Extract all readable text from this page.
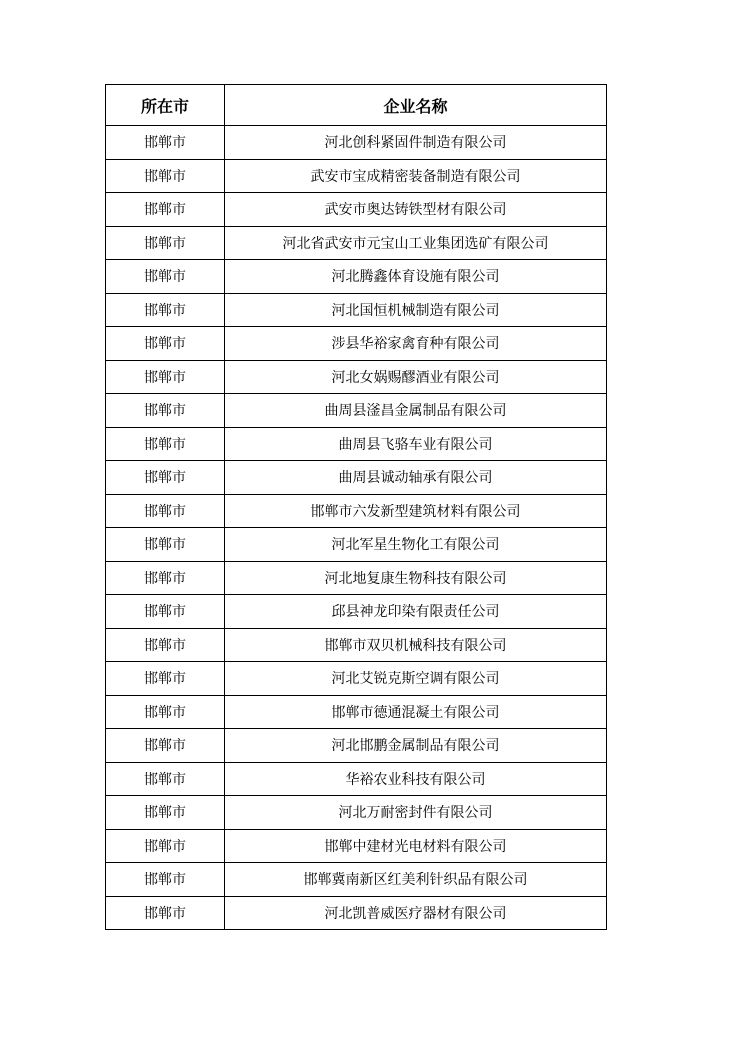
所在市	企业名称
邯郸市	河北创科紧固件制造有限公司
邯郸市	武安市宝成精密装备制造有限公司
邯郸市	武安市奥达铸铁型材有限公司
邯郸市	河北省武安市元宝山工业集团选矿有限公司
邯郸市	河北腾鑫体育设施有限公司
邯郸市	河北国恒机械制造有限公司
邯郸市	涉县华裕家禽育种有限公司
邯郸市	河北女娲赐醪酒业有限公司
邯郸市	曲周县滏昌金属制品有限公司
邯郸市	曲周县飞骆车业有限公司
邯郸市	曲周县诚动轴承有限公司
邯郸市	邯郸市六发新型建筑材料有限公司
邯郸市	河北军星生物化工有限公司
邯郸市	河北地复康生物科技有限公司
邯郸市	邱县神龙印染有限责任公司
邯郸市	邯郸市双贝机械科技有限公司
邯郸市	河北艾锐克斯空调有限公司
邯郸市	邯郸市德通混凝土有限公司
邯郸市	河北邯鹏金属制品有限公司
邯郸市	华裕农业科技有限公司
邯郸市	河北万耐密封件有限公司
邯郸市	邯郸中建材光电材料有限公司
邯郸市	邯郸冀南新区红美利针织品有限公司
邯郸市	河北凯普威医疗器材有限公司
